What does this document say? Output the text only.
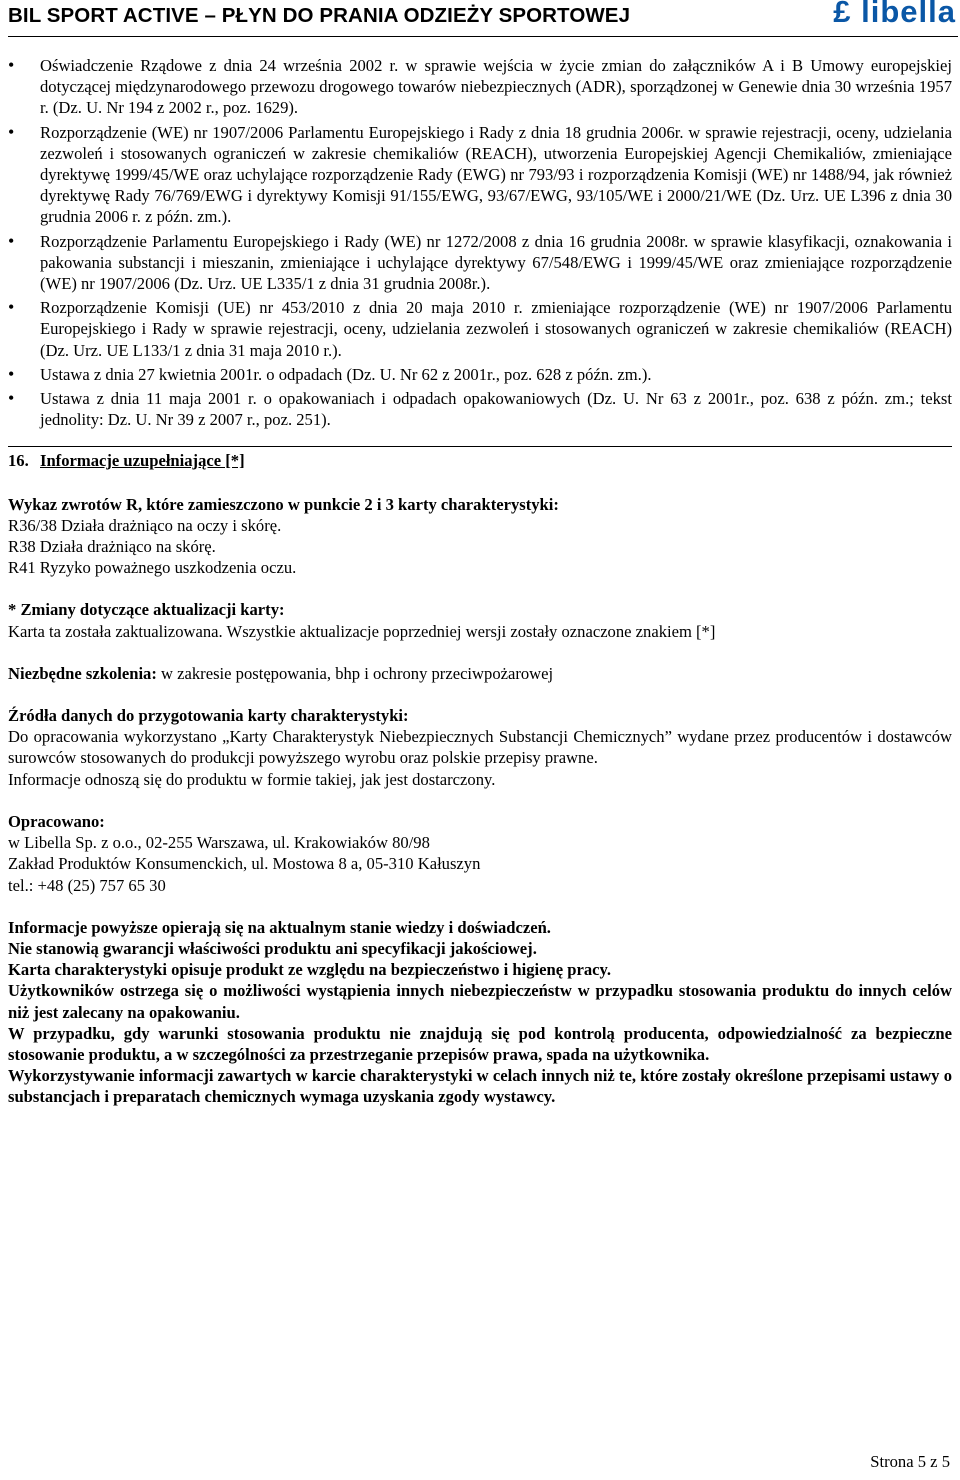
BIL SPORT ACTIVE – PŁYN DO PRANIA ODZIEŻY SPORTOWEJ	£ libella
• Oświadczenie Rządowe z dnia 24 września 2002 r. w sprawie wejścia w życie zmian do załączników A i B Umowy europejskiej dotyczącej międzynarodowego przewozu drogowego towarów niebezpiecznych (ADR), sporządzonej w Genewie dnia 30 września 1957 r. (Dz. U. Nr 194 z 2002 r., poz. 1629).
• Rozporządzenie (WE) nr 1907/2006 Parlamentu Europejskiego i Rady z dnia 18 grudnia 2006r. w sprawie rejestracji, oceny, udzielania zezwoleń i stosowanych ograniczeń w zakresie chemikaliów (REACH), utworzenia Europejskiej Agencji Chemikaliów, zmieniające dyrektywę 1999/45/WE oraz uchylające rozporządzenie Rady (EWG) nr 793/93 i rozporządzenia Komisji (WE) nr 1488/94, jak również dyrektywę Rady 76/769/EWG i dyrektywy Komisji 91/155/EWG, 93/67/EWG, 93/105/WE i 2000/21/WE (Dz. Urz. UE L396 z dnia 30 grudnia 2006 r. z późn. zm.).
• Rozporządzenie Parlamentu Europejskiego i Rady (WE) nr 1272/2008 z dnia 16 grudnia 2008r. w sprawie klasyfikacji, oznakowania i pakowania substancji i mieszanin, zmieniające i uchylające dyrektywy 67/548/EWG i 1999/45/WE oraz zmieniające rozporządzenie (WE) nr 1907/2006 (Dz. Urz. UE L335/1 z dnia 31 grudnia 2008r.).
• Rozporządzenie Komisji (UE) nr 453/2010 z dnia 20 maja 2010 r. zmieniające rozporządzenie (WE) nr 1907/2006 Parlamentu Europejskiego i Rady w sprawie rejestracji, oceny, udzielania zezwoleń i stosowanych ograniczeń w zakresie chemikaliów (REACH) (Dz. Urz. UE L133/1 z dnia 31 maja 2010 r.).
• Ustawa z dnia 27 kwietnia 2001r. o odpadach (Dz. U. Nr 62 z 2001r., poz. 628 z późn. zm.).
• Ustawa z dnia 11 maja 2001 r. o opakowaniach i odpadach opakowaniowych (Dz. U. Nr 63 z 2001r., poz. 638 z późn. zm.; tekst jednolity: Dz. U. Nr 39 z 2007 r., poz. 251).
16. Informacje uzupełniające [*]

Wykaz zwrotów R, które zamieszczono w punkcie 2 i 3 karty charakterystyki:

R36/38 Działa drażniąco na oczy i skórę.

R38 Działa drażniąco na skórę.

R41 Ryzyko poważnego uszkodzenia oczu.

* Zmiany dotyczące aktualizacji karty:

Karta ta została zaktualizowana. Wszystkie aktualizacje poprzedniej wersji zostały oznaczone znakiem [*]

Niezbędne szkolenia: w zakresie postępowania, bhp i ochrony przeciwpożarowej

Źródła danych do przygotowania karty charakterystyki:

Do opracowania wykorzystano „Karty Charakterystyk Niebezpiecznych Substancji Chemicznych” wydane przez producentów i dostawców surowców stosowanych do produkcji powyższego wyrobu oraz polskie przepisy prawne.

Informacje odnoszą się do produktu w formie takiej, jak jest dostarczony.

Opracowano:

w Libella Sp. z o.o., 02-255 Warszawa, ul. Krakowiaków 80/98

Zakład Produktów Konsumenckich, ul. Mostowa 8 a, 05-310 Kałuszyn

tel.: +48 (25) 757 65 30

Informacje powyższe opierają się na aktualnym stanie wiedzy i doświadczeń.

Nie stanowią gwarancji właściwości produktu ani specyfikacji jakościowej.

Karta charakterystyki opisuje produkt ze względu na bezpieczeństwo i higienę pracy.

Użytkowników ostrzega się o możliwości wystąpienia innych niebezpieczeństw w przypadku stosowania produktu do innych celów niż jest zalecany na opakowaniu.

W przypadku, gdy warunki stosowania produktu nie znajdują się pod kontrolą producenta, odpowiedzialność za bezpieczne stosowanie produktu, a w szczególności za przestrzeganie przepisów prawa, spada na użytkownika.

Wykorzystywanie informacji zawartych w karcie charakterystyki w celach innych niż te, które zostały określone przepisami ustawy o substancjach i preparatach chemicznych wymaga uzyskania zgody wystawcy.

Strona 5 z 5
